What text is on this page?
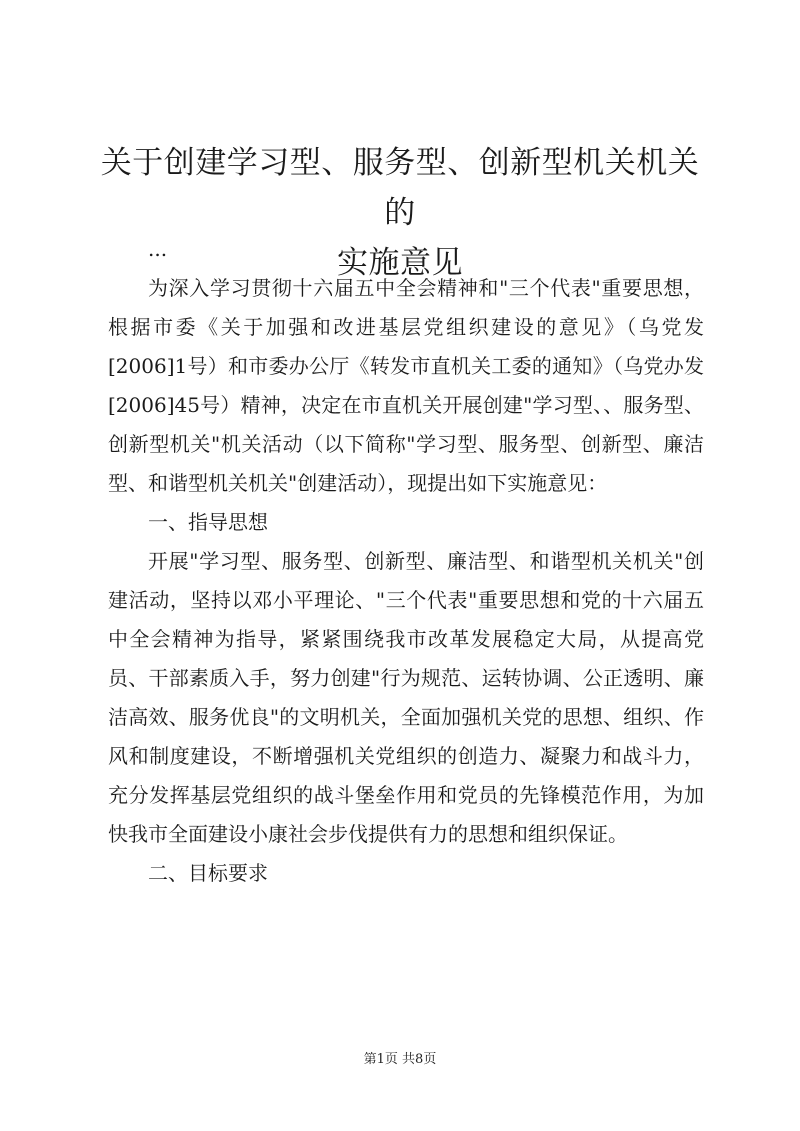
关于创建学习型、服务型、创新型机关机关的
实施意见

...

为深入学习贯彻十六届五中全会精神和"三个代表"重要思想，根据市委《关于加强和改进基层党组织建设的意见》（乌党发[2006]1号）和市委办公厅《转发市直机关工委的通知》（乌党办发[2006]45号）精神，决定在市直机关开展创建"学习型、、服务型、创新型机关"机关活动（以下简称"学习型、服务型、创新型、廉洁型、和谐型机关机关"创建活动），现提出如下实施意见：

一、指导思想

开展"学习型、服务型、创新型、廉洁型、和谐型机关机关"创建活动，坚持以邓小平理论、"三个代表"重要思想和党的十六届五中全会精神为指导，紧紧围绕我市改革发展稳定大局，从提高党员、干部素质入手，努力创建"行为规范、运转协调、公正透明、廉洁高效、服务优良"的文明机关，全面加强机关党的思想、组织、作风和制度建设，不断增强机关党组织的创造力、凝聚力和战斗力，充分发挥基层党组织的战斗堡垒作用和党员的先锋模范作用，为加快我市全面建设小康社会步伐提供有力的思想和组织保证。

二、目标要求

第1页 共8页
